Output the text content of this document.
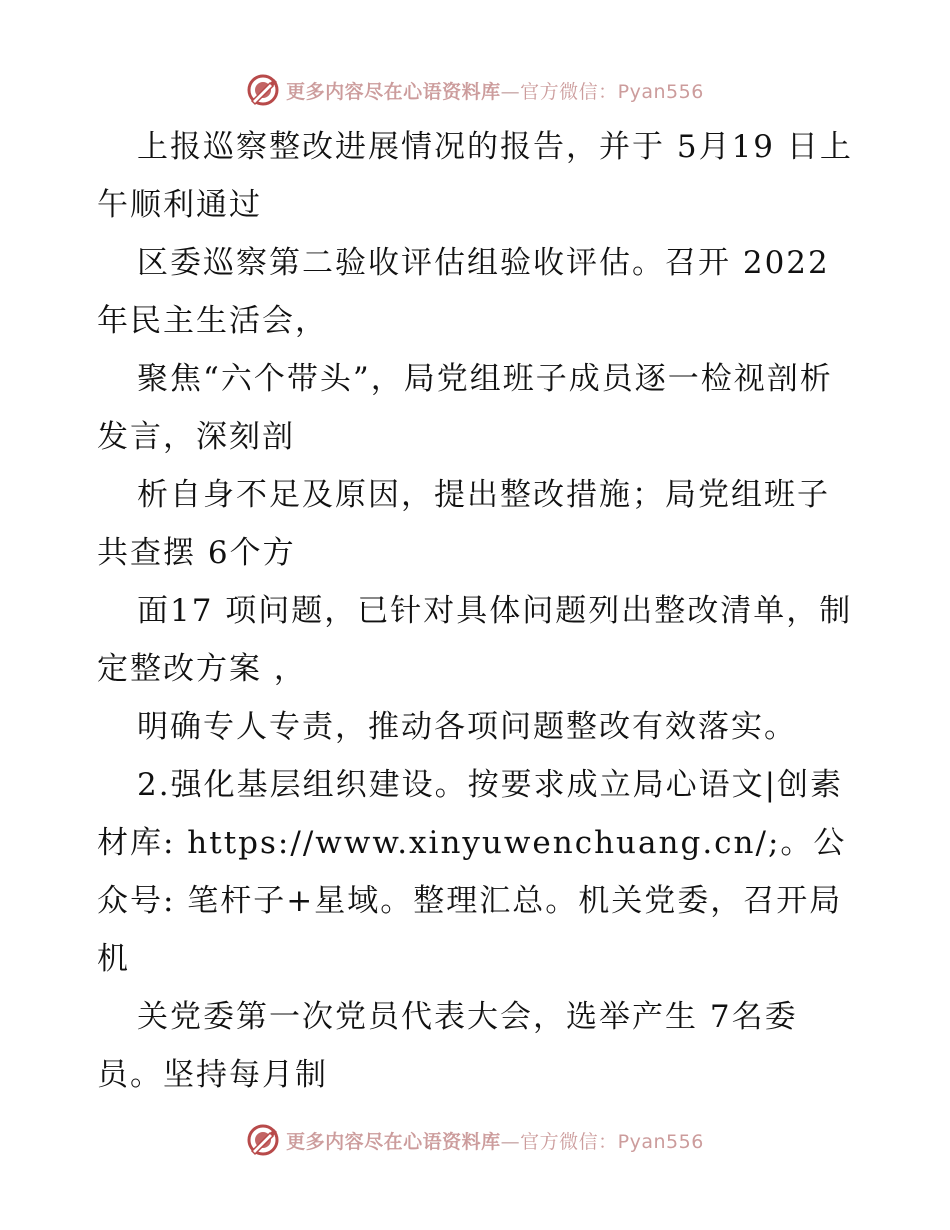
更多内容尽在心语资料库—官方微信：Pyan556

上报巡察整改进展情况的报告，并于 5月19 日上午顺利通过

区委巡察第二验收评估组验收评估。召开 2022 年民主生活会，

聚焦“六个带头”，局党组班子成员逐一检视剖析发言，深刻剖

析自身不足及原因，提出整改措施；局党组班子共查摆 6个方

面17 项问题，已针对具体问题列出整改清单，制定整改方案 ，

明确专人专责，推动各项问题整改有效落实。

2.强化基层组织建设。按要求成立局心语文|创素材库: https://www.xinyuwenchuang.cn/;。公众号: 笔杆子+星域。整理汇总。机关党委，召开局机

关党委第一次党员代表大会，选举产生 7名委员。坚持每月制

更多内容尽在心语资料库—官方微信：Pyan556
